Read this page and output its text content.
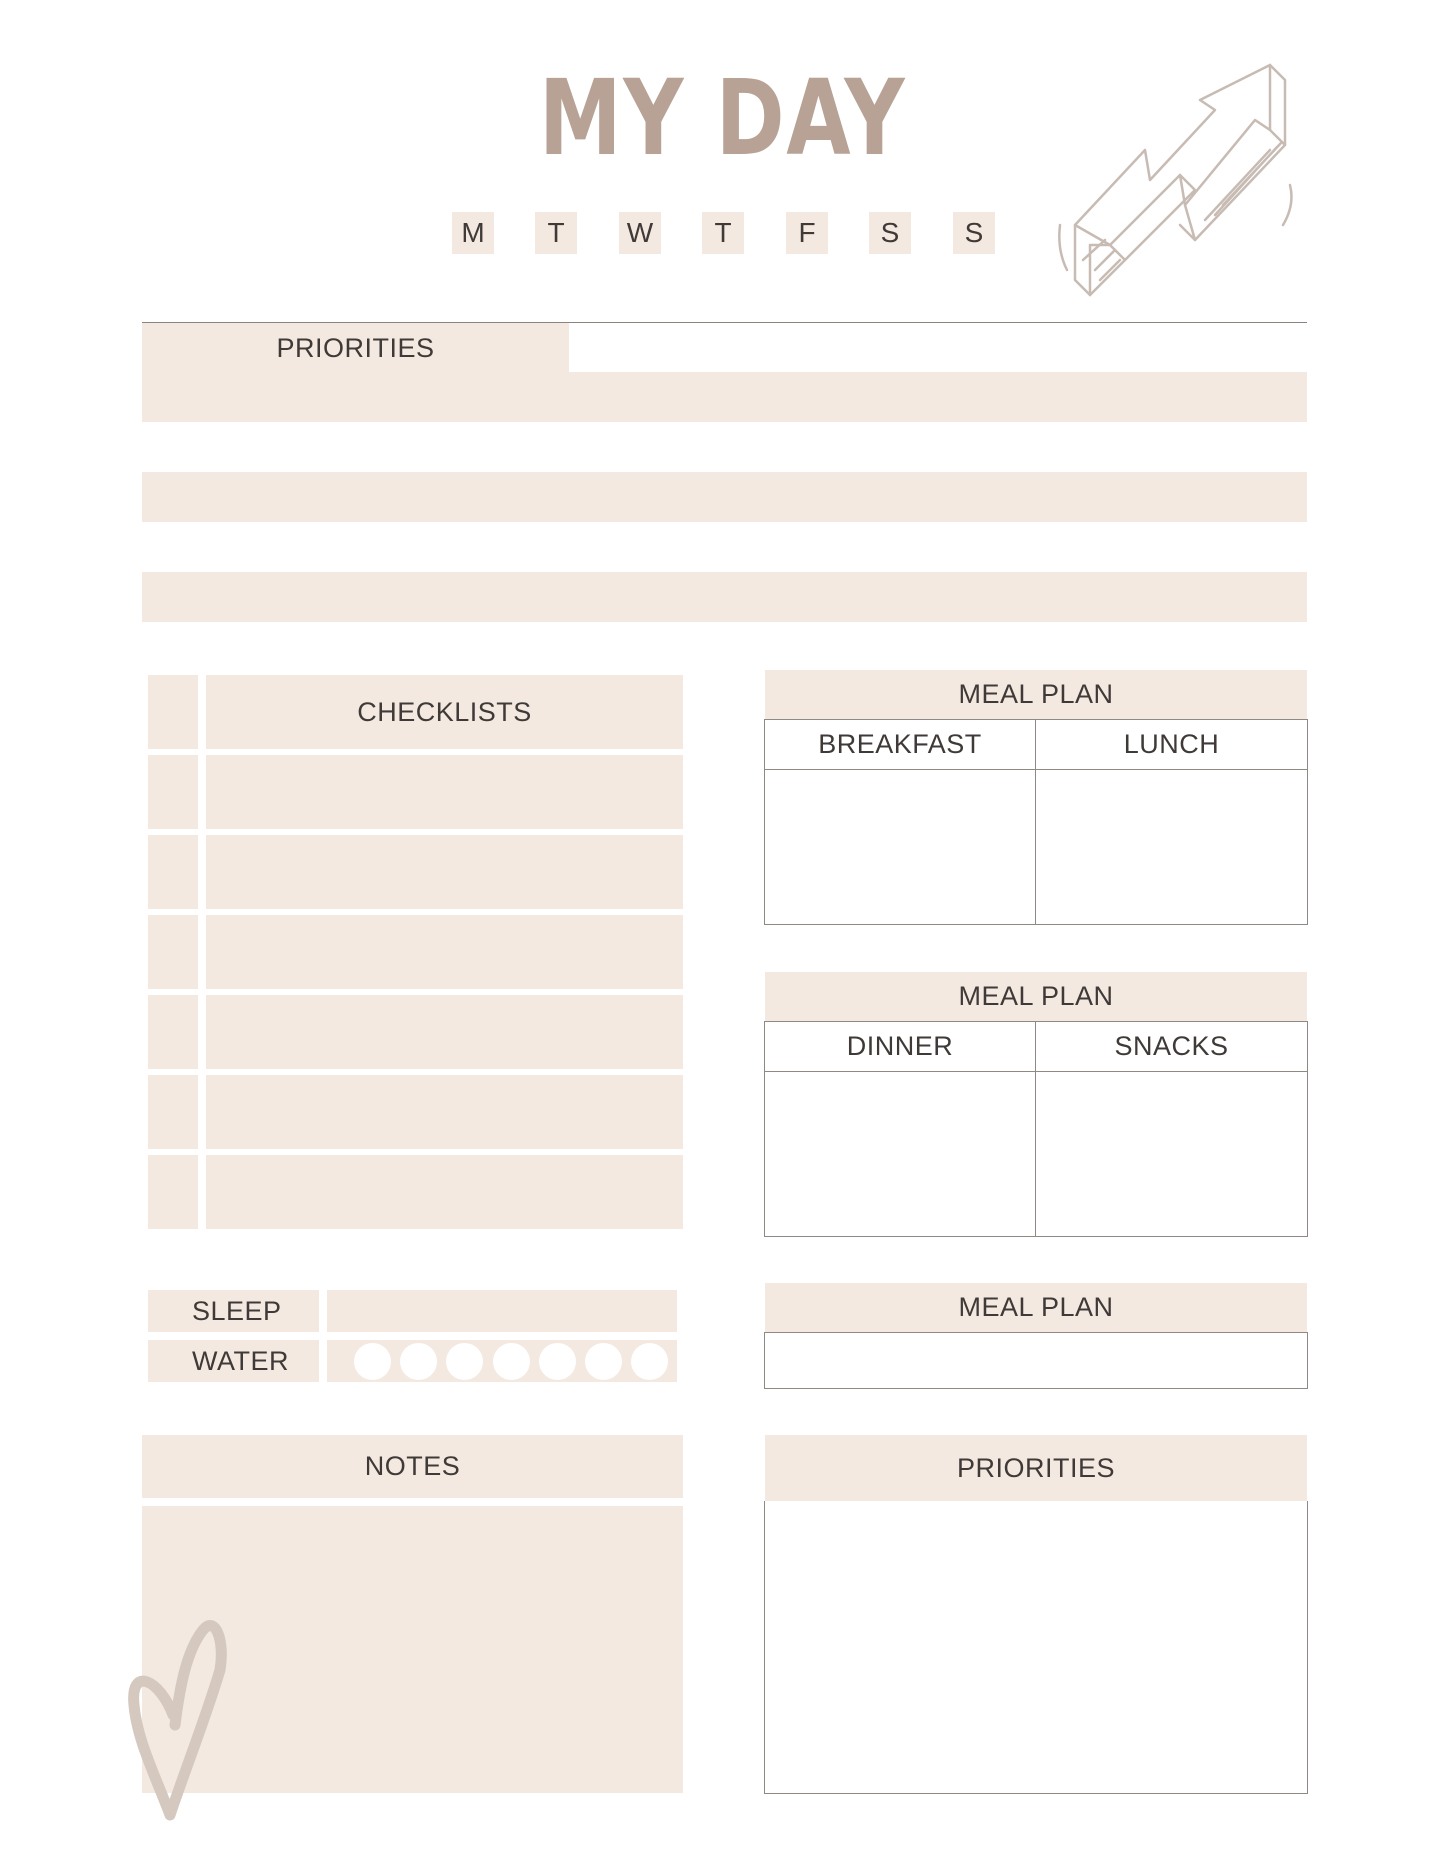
MY DAY
M	T	W	T	F	S	S
PRIORITIES
CHECKLISTS
MEAL PLAN
BREAKFAST	LUNCH
MEAL PLAN
DINNER	SNACKS
SLEEP
WATER
MEAL PLAN
NOTES	PRIORITIES
